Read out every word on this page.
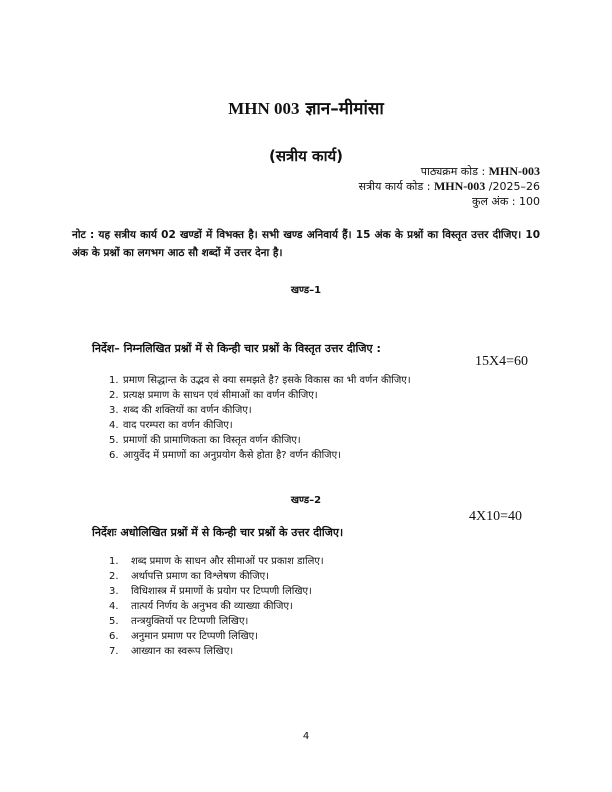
MHN 003 ज्ञान–मीमांसा
(सत्रीय कार्य)
पाठ्यक्रम कोड : MHN-003
सत्रीय कार्य कोड : MHN-003 /2025–26
कुल अंक : 100
नोट : यह सत्रीय कार्य 02 खण्डों में विभक्त है। सभी खण्ड अनिवार्य हैं। 15 अंक के प्रश्नों का विस्तृत उत्तर दीजिए। 10 अंक के प्रश्नों का लगभग आठ सौ शब्दों में उत्तर देना है।
खण्ड–1
निर्देश– निम्नलिखित प्रश्नों में से किन्ही चार प्रश्नों के विस्तृत उत्तर दीजिए :
15X4=60
1. प्रमाण सिद्धान्त के उद्भव से क्या समझते है? इसके विकास का भी वर्णन कीजिए।
2. प्रत्यक्ष प्रमाण के साधन एवं सीमाओं का वर्णन कीजिए।
3. शब्द की शक्तियों का वर्णन कीजिए।
4. वाद परम्परा का वर्णन कीजिए।
5. प्रमाणों की प्रामाणिकता का विस्तृत वर्णन कीजिए।
6. आयुर्वेद में प्रमाणों का अनुप्रयोग कैसे होता है? वर्णन कीजिए।
खण्ड–2
4X10=40
निर्देशः अधोलिखित प्रश्नों में से किन्ही चार प्रश्नों के उत्तर दीजिए।
1. शब्द प्रमाण के साधन और सीमाओं पर प्रकाश डालिए।
2. अर्थापत्ति प्रमाण का विश्लेषण कीजिए।
3. विधिशास्त्र में प्रमाणों के प्रयोग पर टिप्पणी लिखिए।
4. तात्पर्य निर्णय के अनुभव की व्याख्या कीजिए।
5. तन्त्रयुक्तियों पर टिप्पणी लिखिए।
6. अनुमान प्रमाण पर टिप्पणी लिखिए।
7. आख्यान का स्वरूप लिखिए।
4
